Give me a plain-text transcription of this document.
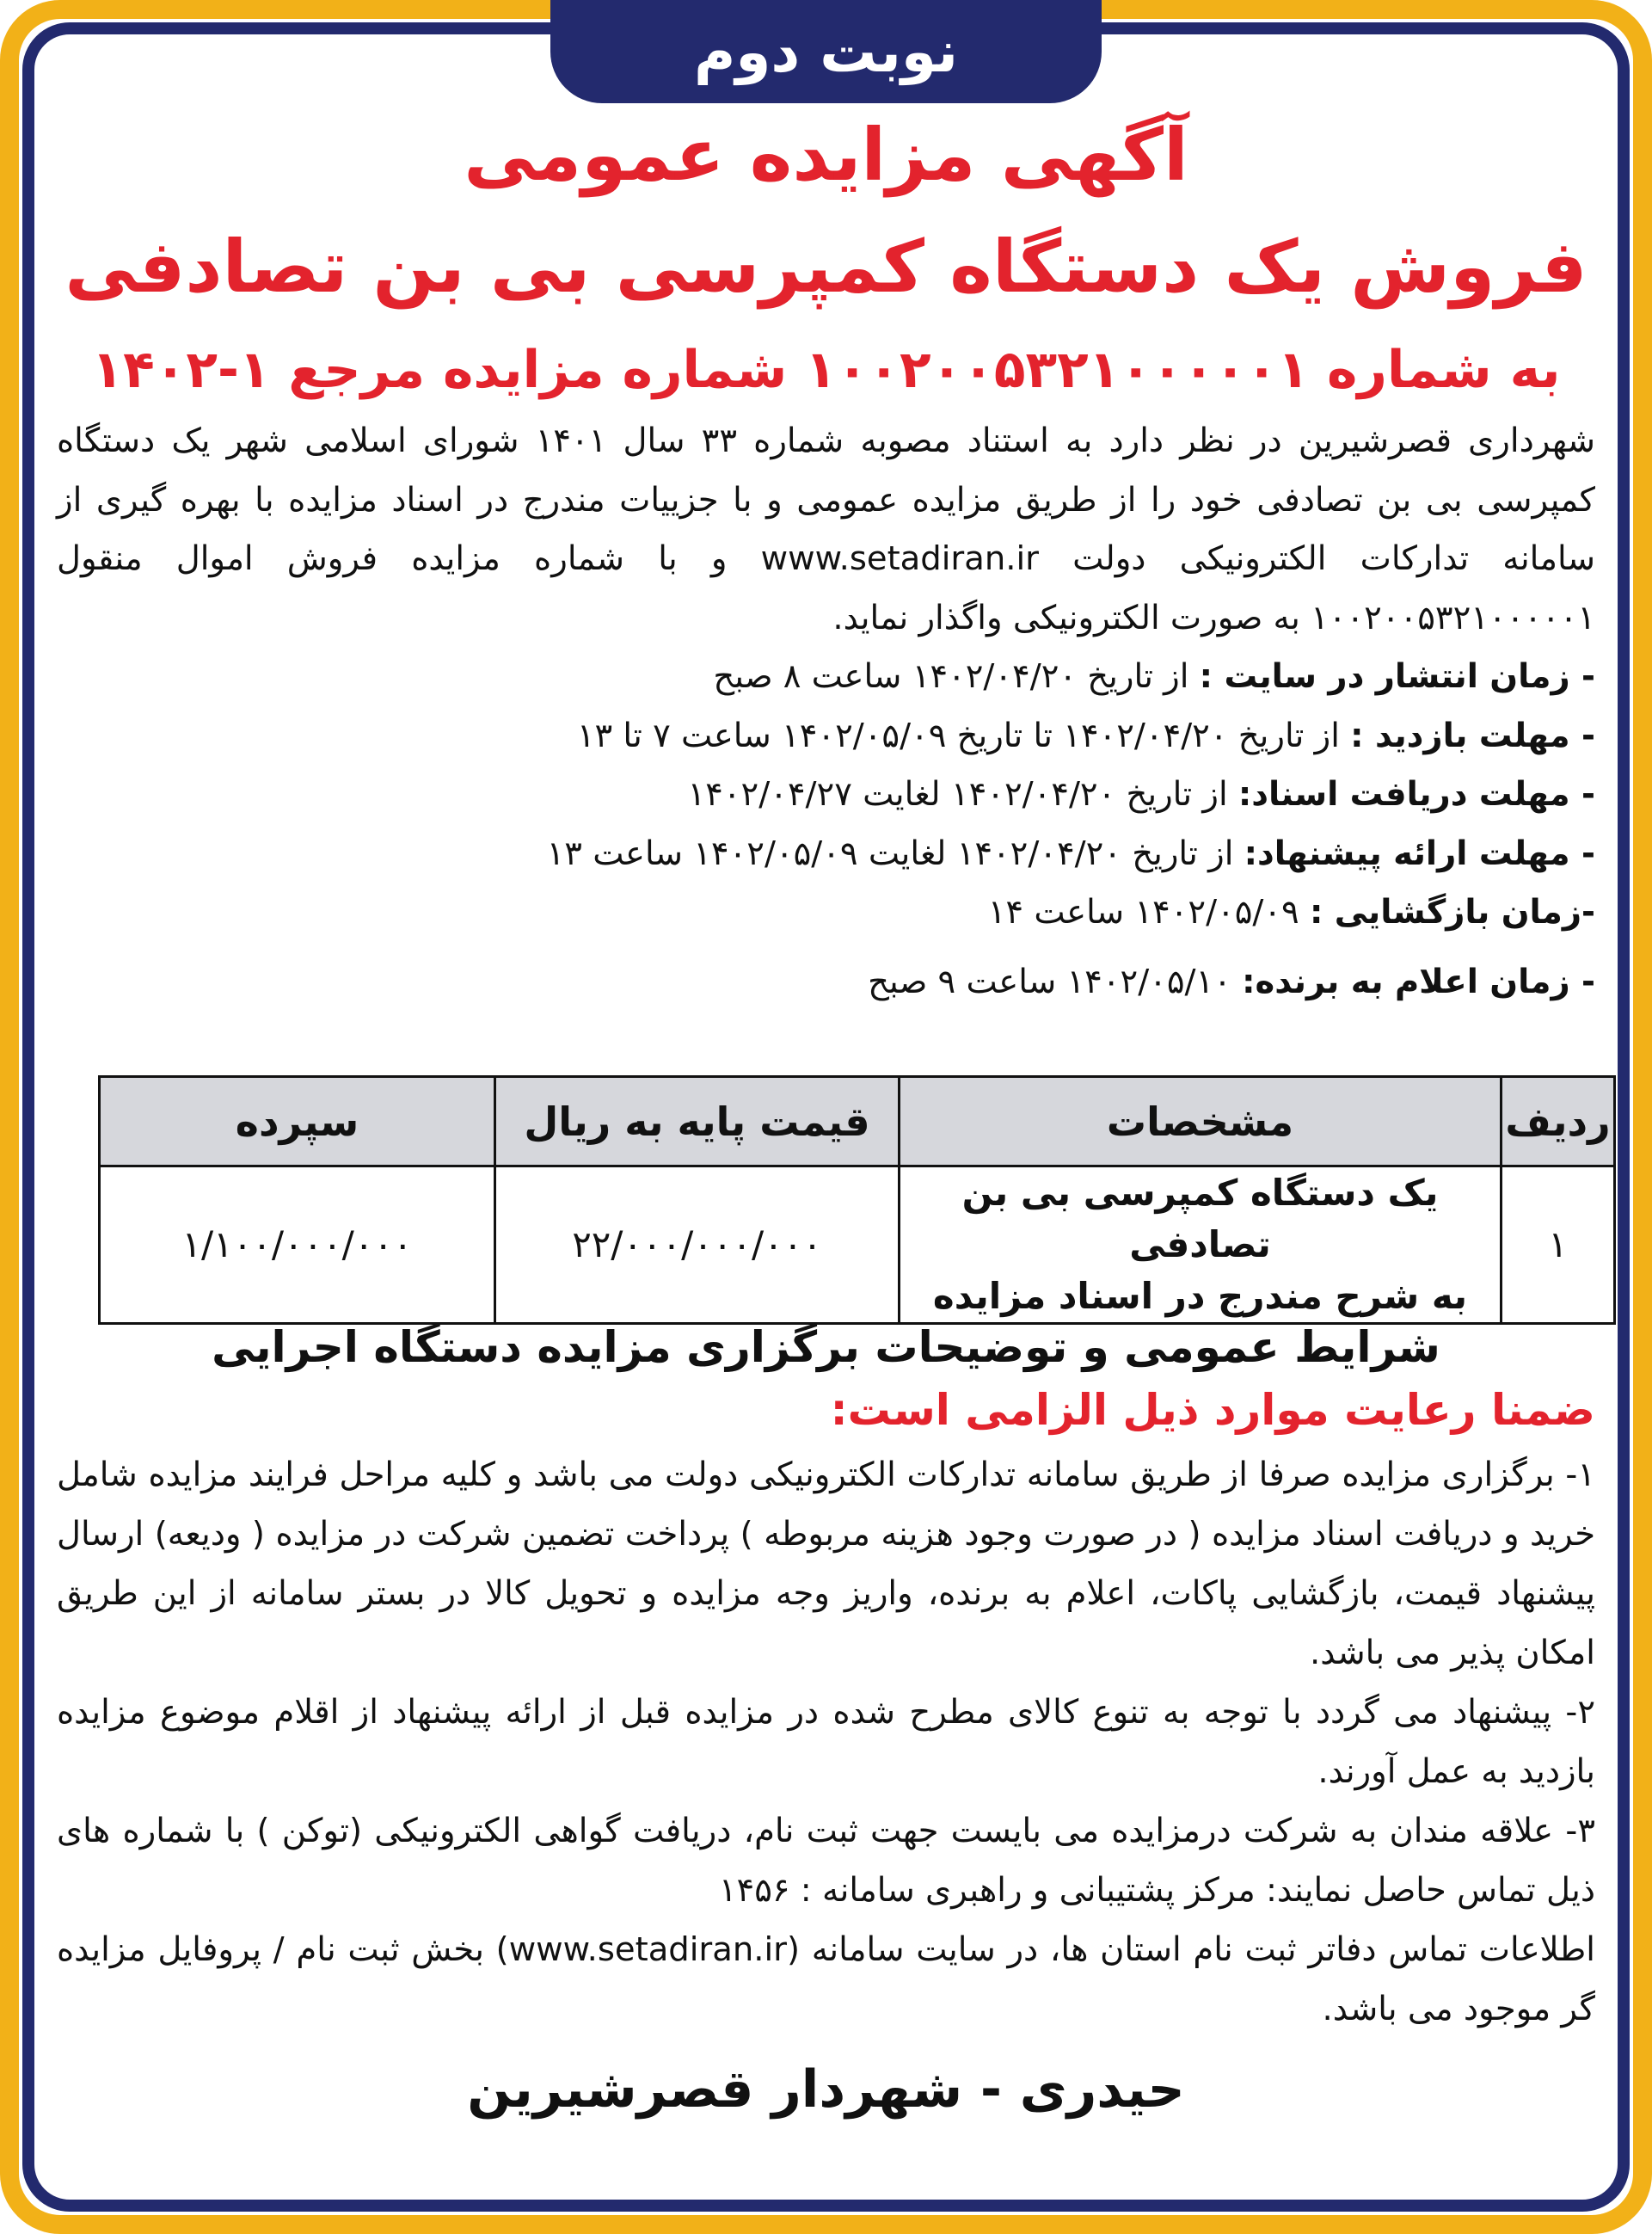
نوبت دوم
آگهی مزایده عمومی
فروش یک دستگاه کمپرسی بی بن تصادفی
به شماره ۱۰۰۲۰۰۵۳۲۱۰۰۰۰۰۱ شماره مزایده مرجع ۱-۱۴۰۲

شهرداری قصرشیرین در نظر دارد به استناد مصوبه شماره ۳۳ سال ۱۴۰۱ شورای اسلامی شهر یک دستگاه کمپرسی بی بن تصادفی خود را از طریق مزایده عمومی و با جزییات مندرج در اسناد مزایده با بهره گیری از سامانه تدارکات الکترونیکی دولت www.setadiran.ir و با شماره مزایده فروش اموال منقول ۱۰۰۲۰۰۵۳۲۱۰۰۰۰۰۱ به صورت الکترونیکی واگذار نماید.

- زمان انتشار در سایت : از تاریخ ۱۴۰۲/۰۴/۲۰ ساعت ۸ صبح
- مهلت بازدید : از تاریخ ۱۴۰۲/۰۴/۲۰ تا تاریخ ۱۴۰۲/۰۵/۰۹ ساعت ۷ تا ۱۳
- مهلت دریافت اسناد: از تاریخ ۱۴۰۲/۰۴/۲۰ لغایت ۱۴۰۲/۰۴/۲۷
- مهلت ارائه پیشنهاد: از تاریخ ۱۴۰۲/۰۴/۲۰ لغایت ۱۴۰۲/۰۵/۰۹ ساعت ۱۳
-زمان بازگشایی : ۱۴۰۲/۰۵/۰۹ ساعت ۱۴
- زمان اعلام به برنده: ۱۴۰۲/۰۵/۱۰ ساعت ۹ صبح
ردیف	مشخصات	قیمت پایه به ریال	سپرده
۱	یک دستگاه کمپرسی بی بن تصادفی
به شرح مندرج در اسناد مزایده	۲۲/۰۰۰/۰۰۰/۰۰۰	۱/۱۰۰/۰۰۰/۰۰۰
شرایط عمومی و توضیحات برگزاری مزایده دستگاه اجرایی
ضمنا رعایت موارد ذیل الزامی است:

۱- برگزاری مزایده صرفا از طریق سامانه تدارکات الکترونیکی دولت می باشد و کلیه مراحل فرایند مزایده شامل خرید و دریافت اسناد مزایده ( در صورت وجود هزینه مربوطه ) پرداخت تضمین شرکت در مزایده ( ودیعه) ارسال پیشنهاد قیمت، بازگشایی پاکات، اعلام به برنده، واریز وجه مزایده و تحویل کالا در بستر سامانه از این طریق امکان پذیر می باشد.

۲- پیشنهاد می گردد با توجه به تنوع کالای مطرح شده در مزایده قبل از ارائه پیشنهاد از اقلام موضوع مزایده بازدید به عمل آورند.

۳- علاقه مندان به شرکت درمزایده می بایست جهت ثبت نام، دریافت گواهی الکترونیکی (توکن ) با شماره های ذیل تماس حاصل نمایند: مرکز پشتیبانی و راهبری سامانه : ۱۴۵۶

اطلاعات تماس دفاتر ثبت نام استان ها، در سایت سامانه (www.setadiran.ir) بخش ثبت نام / پروفایل مزایده گر موجود می باشد.

حیدری - شهردار قصرشیرین
